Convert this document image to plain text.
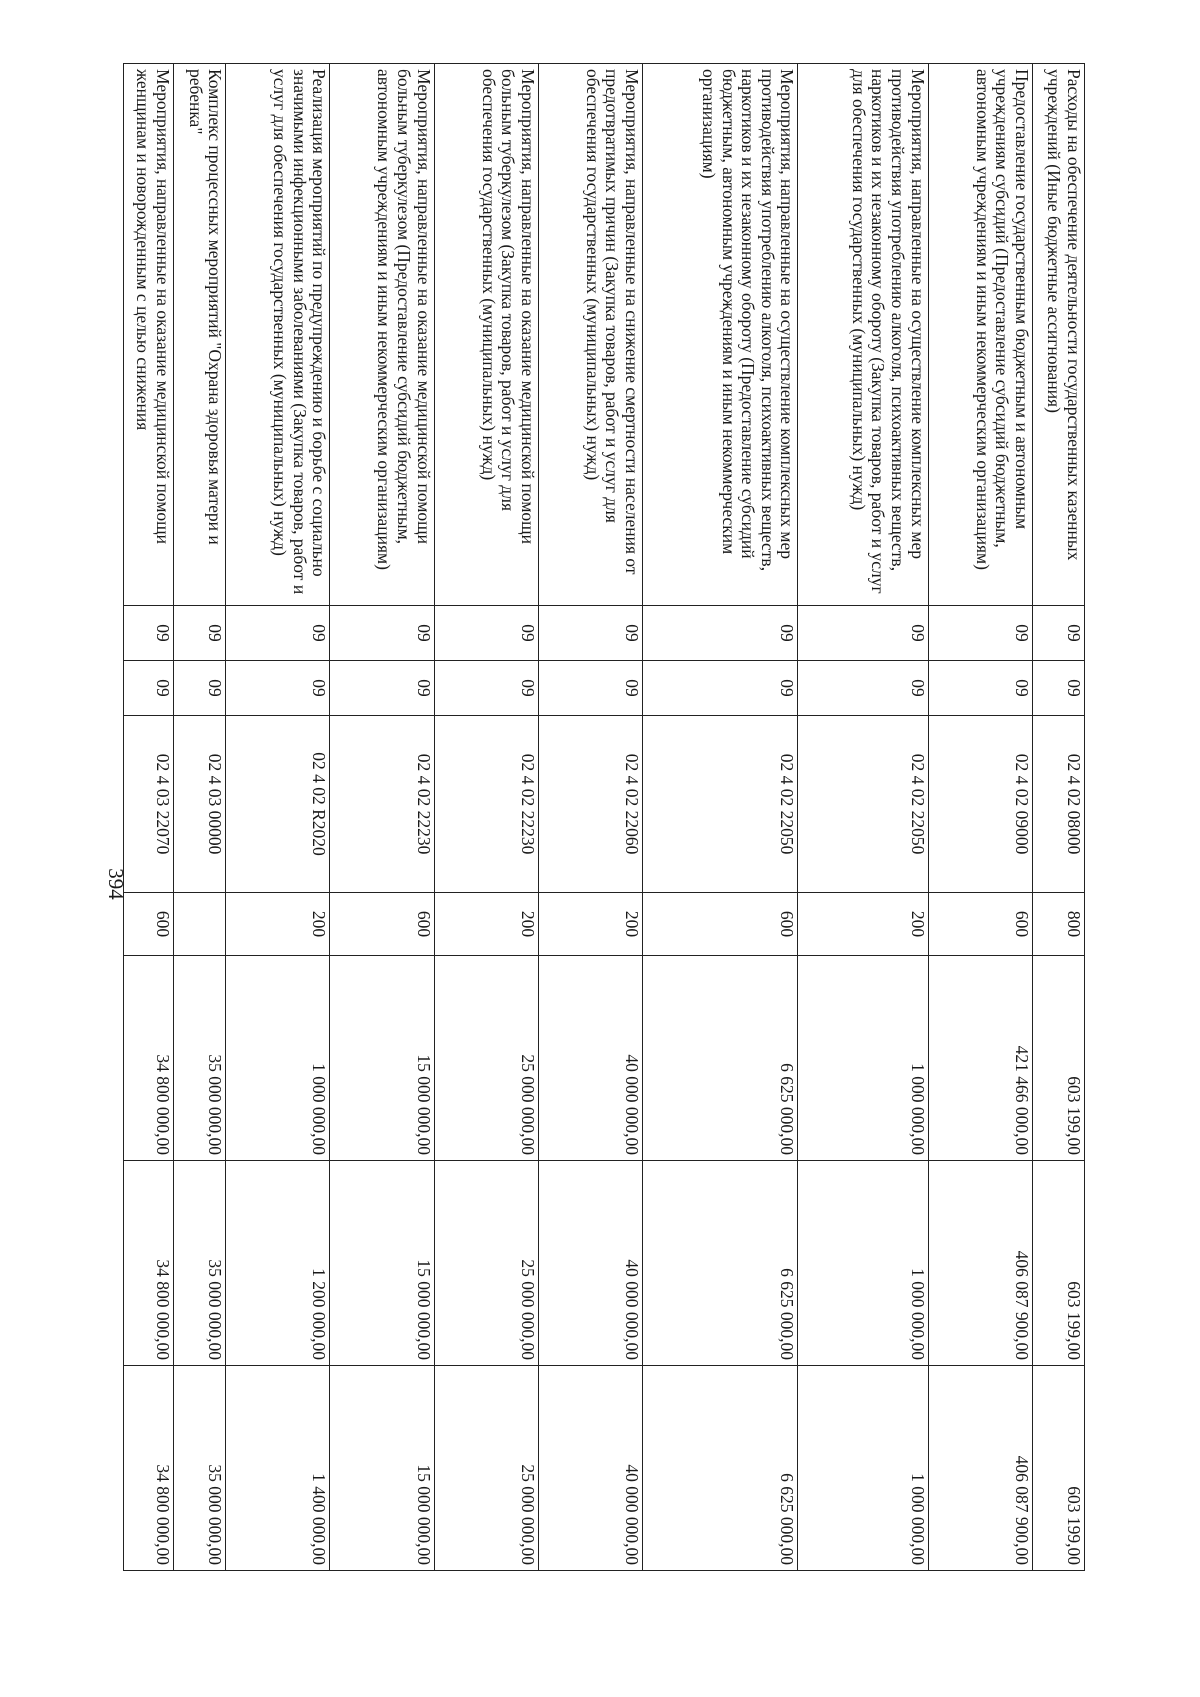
394
Расходы на обеспечение деятельности государственных казенных учреждений (Иные бюджетные ассигнования)	09	09	02 4 02 08000	800	603 199,00	603 199,00	603 199,00
Предоставление государственным бюджетным и автономным учреждениям субсидий (Предоставление субсидий бюджетным, автономным учреждениям и иным некоммерческим организациям)	09	09	02 4 02 09000	600	421 466 000,00	406 087 900,00	406 087 900,00
Мероприятия, направленные на осуществление комплексных мер противодействия употреблению алкоголя, психоактивных веществ, наркотиков и их незаконному обороту (Закупка товаров, работ и услуг для обеспечения государственных (муниципальных) нужд)	09	09	02 4 02 22050	200	1 000 000,00	1 000 000,00	1 000 000,00
Мероприятия, направленные на осуществление комплексных мер противодействия употреблению алкоголя, психоактивных веществ, наркотиков и их незаконному обороту (Предоставление субсидий бюджетным, автономным учреждениям и иным некоммерческим организациям)	09	09	02 4 02 22050	600	6 625 000,00	6 625 000,00	6 625 000,00
Мероприятия, направленные на снижение смертности населения от предотвратимых причин (Закупка товаров, работ и услуг для обеспечения государственных (муниципальных) нужд)	09	09	02 4 02 22060	200	40 000 000,00	40 000 000,00	40 000 000,00
Мероприятия, направленные на оказание медицинской помощи больным туберкулезом (Закупка товаров, работ и услуг для обеспечения государственных (муниципальных) нужд)	09	09	02 4 02 22230	200	25 000 000,00	25 000 000,00	25 000 000,00
Мероприятия, направленные на оказание медицинской помощи больным туберкулезом (Предоставление субсидий бюджетным, автономным учреждениям и иным некоммерческим организациям)	09	09	02 4 02 22230	600	15 000 000,00	15 000 000,00	15 000 000,00
Реализация мероприятий по предупреждению и борьбе с социально значимыми инфекционными заболеваниями (Закупка товаров, работ и услуг для обеспечения государственных (муниципальных) нужд)	09	09	02 4 02 R2020	200	1 000 000,00	1 200 000,00	1 400 000,00
Комплекс процессных мероприятий "Охрана здоровья матери и ребенка"	09	09	02 4 03 00000		35 000 000,00	35 000 000,00	35 000 000,00
Мероприятия, направленные на оказание медицинской помощи женщинам и новорожденным с целью снижения	09	09	02 4 03 22070	600	34 800 000,00	34 800 000,00	34 800 000,00
